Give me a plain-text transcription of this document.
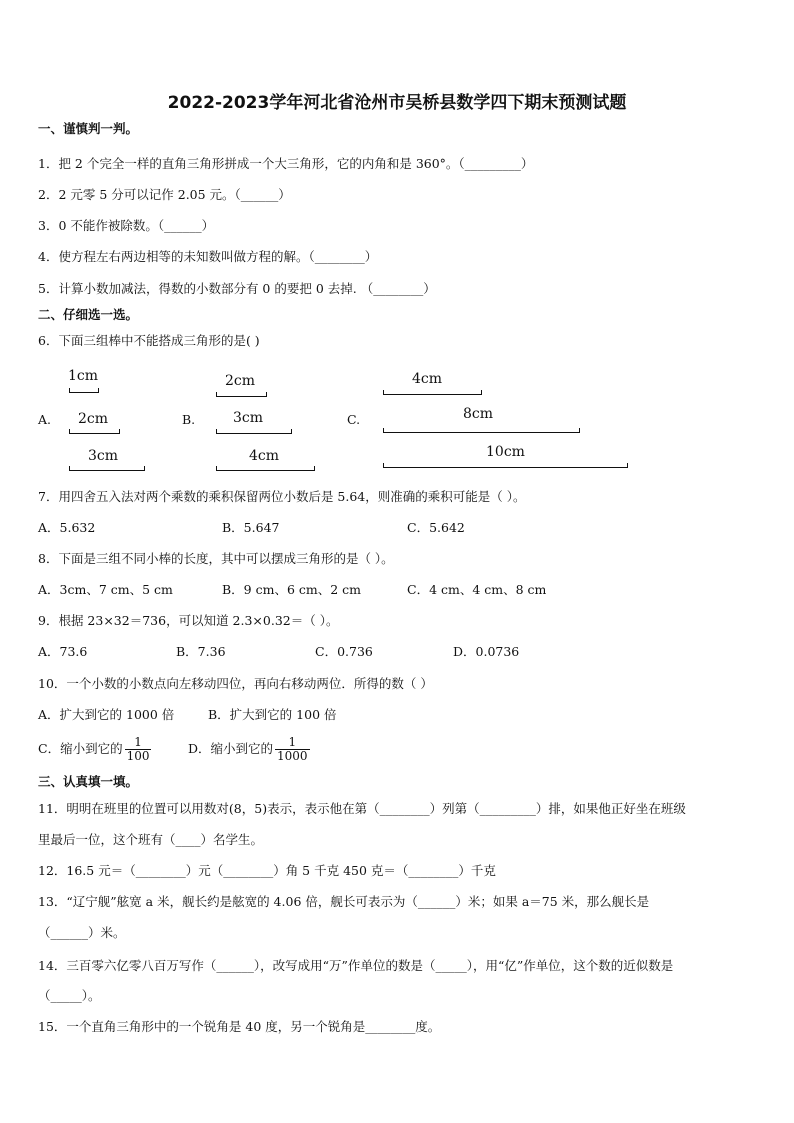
2022-2023学年河北省沧州市吴桥县数学四下期末预测试题
一、谨慎判一判。
1．把 2 个完全一样的直角三角形拼成一个大三角形，它的内角和是 360°。（_________）
2．2 元零 5 分可以记作 2.05 元。（______）
3．0 不能作被除数。（______）
4．使方程左右两边相等的未知数叫做方程的解。（________）
5．计算小数加减法，得数的小数部分有 0 的要把 0 去掉. （________）
二、仔细选一选。
6．下面三组棒中不能搭成三角形的是( )
A.
1cm
2cm
3cm
B.
2cm
3cm
4cm
C.
4cm
8cm
10cm
7．用四舍五入法对两个乘数的乘积保留两位小数后是 5.64，则准确的乘积可能是（ ）。
A．5.632	B．5.647	C．5.642
8．下面是三组不同小棒的长度，其中可以摆成三角形的是（ ）。
A．3cm、7 cm、5 cm	B．9 cm、6 cm、2 cm	C．4 cm、4 cm、8 cm
9．根据 23×32＝736，可以知道 2.3×0.32＝（ ）。
A．73.6	B．7.36	C．0.736	D．0.0736
10．一个小数的小数点向左移动四位，再向右移动两位．所得的数（ ）
A．扩大到它的 1000 倍	B．扩大到它的 100 倍
C．缩小到它的 $\frac{1}{100}$	D．缩小到它的 $\frac{1}{1000}$
三、认真填一填。
11．明明在班里的位置可以用数对(8，5)表示，表示他在第（________）列第（_________）排，如果他正好坐在班级
里最后一位，这个班有（____）名学生。
12．16.5 元＝（________）元（________）角 5 千克 450 克＝（________）千克
13．“辽宁舰”舷宽 a 米，舰长约是舷宽的 4.06 倍，舰长可表示为（______）米；如果 a＝75 米，那么舰长是
（______）米。
14．三百零六亿零八百万写作（______），改写成用“万”作单位的数是（_____），用“亿”作单位，这个数的近似数是
（_____）。
15．一个直角三角形中的一个锐角是 40 度，另一个锐角是________度。
